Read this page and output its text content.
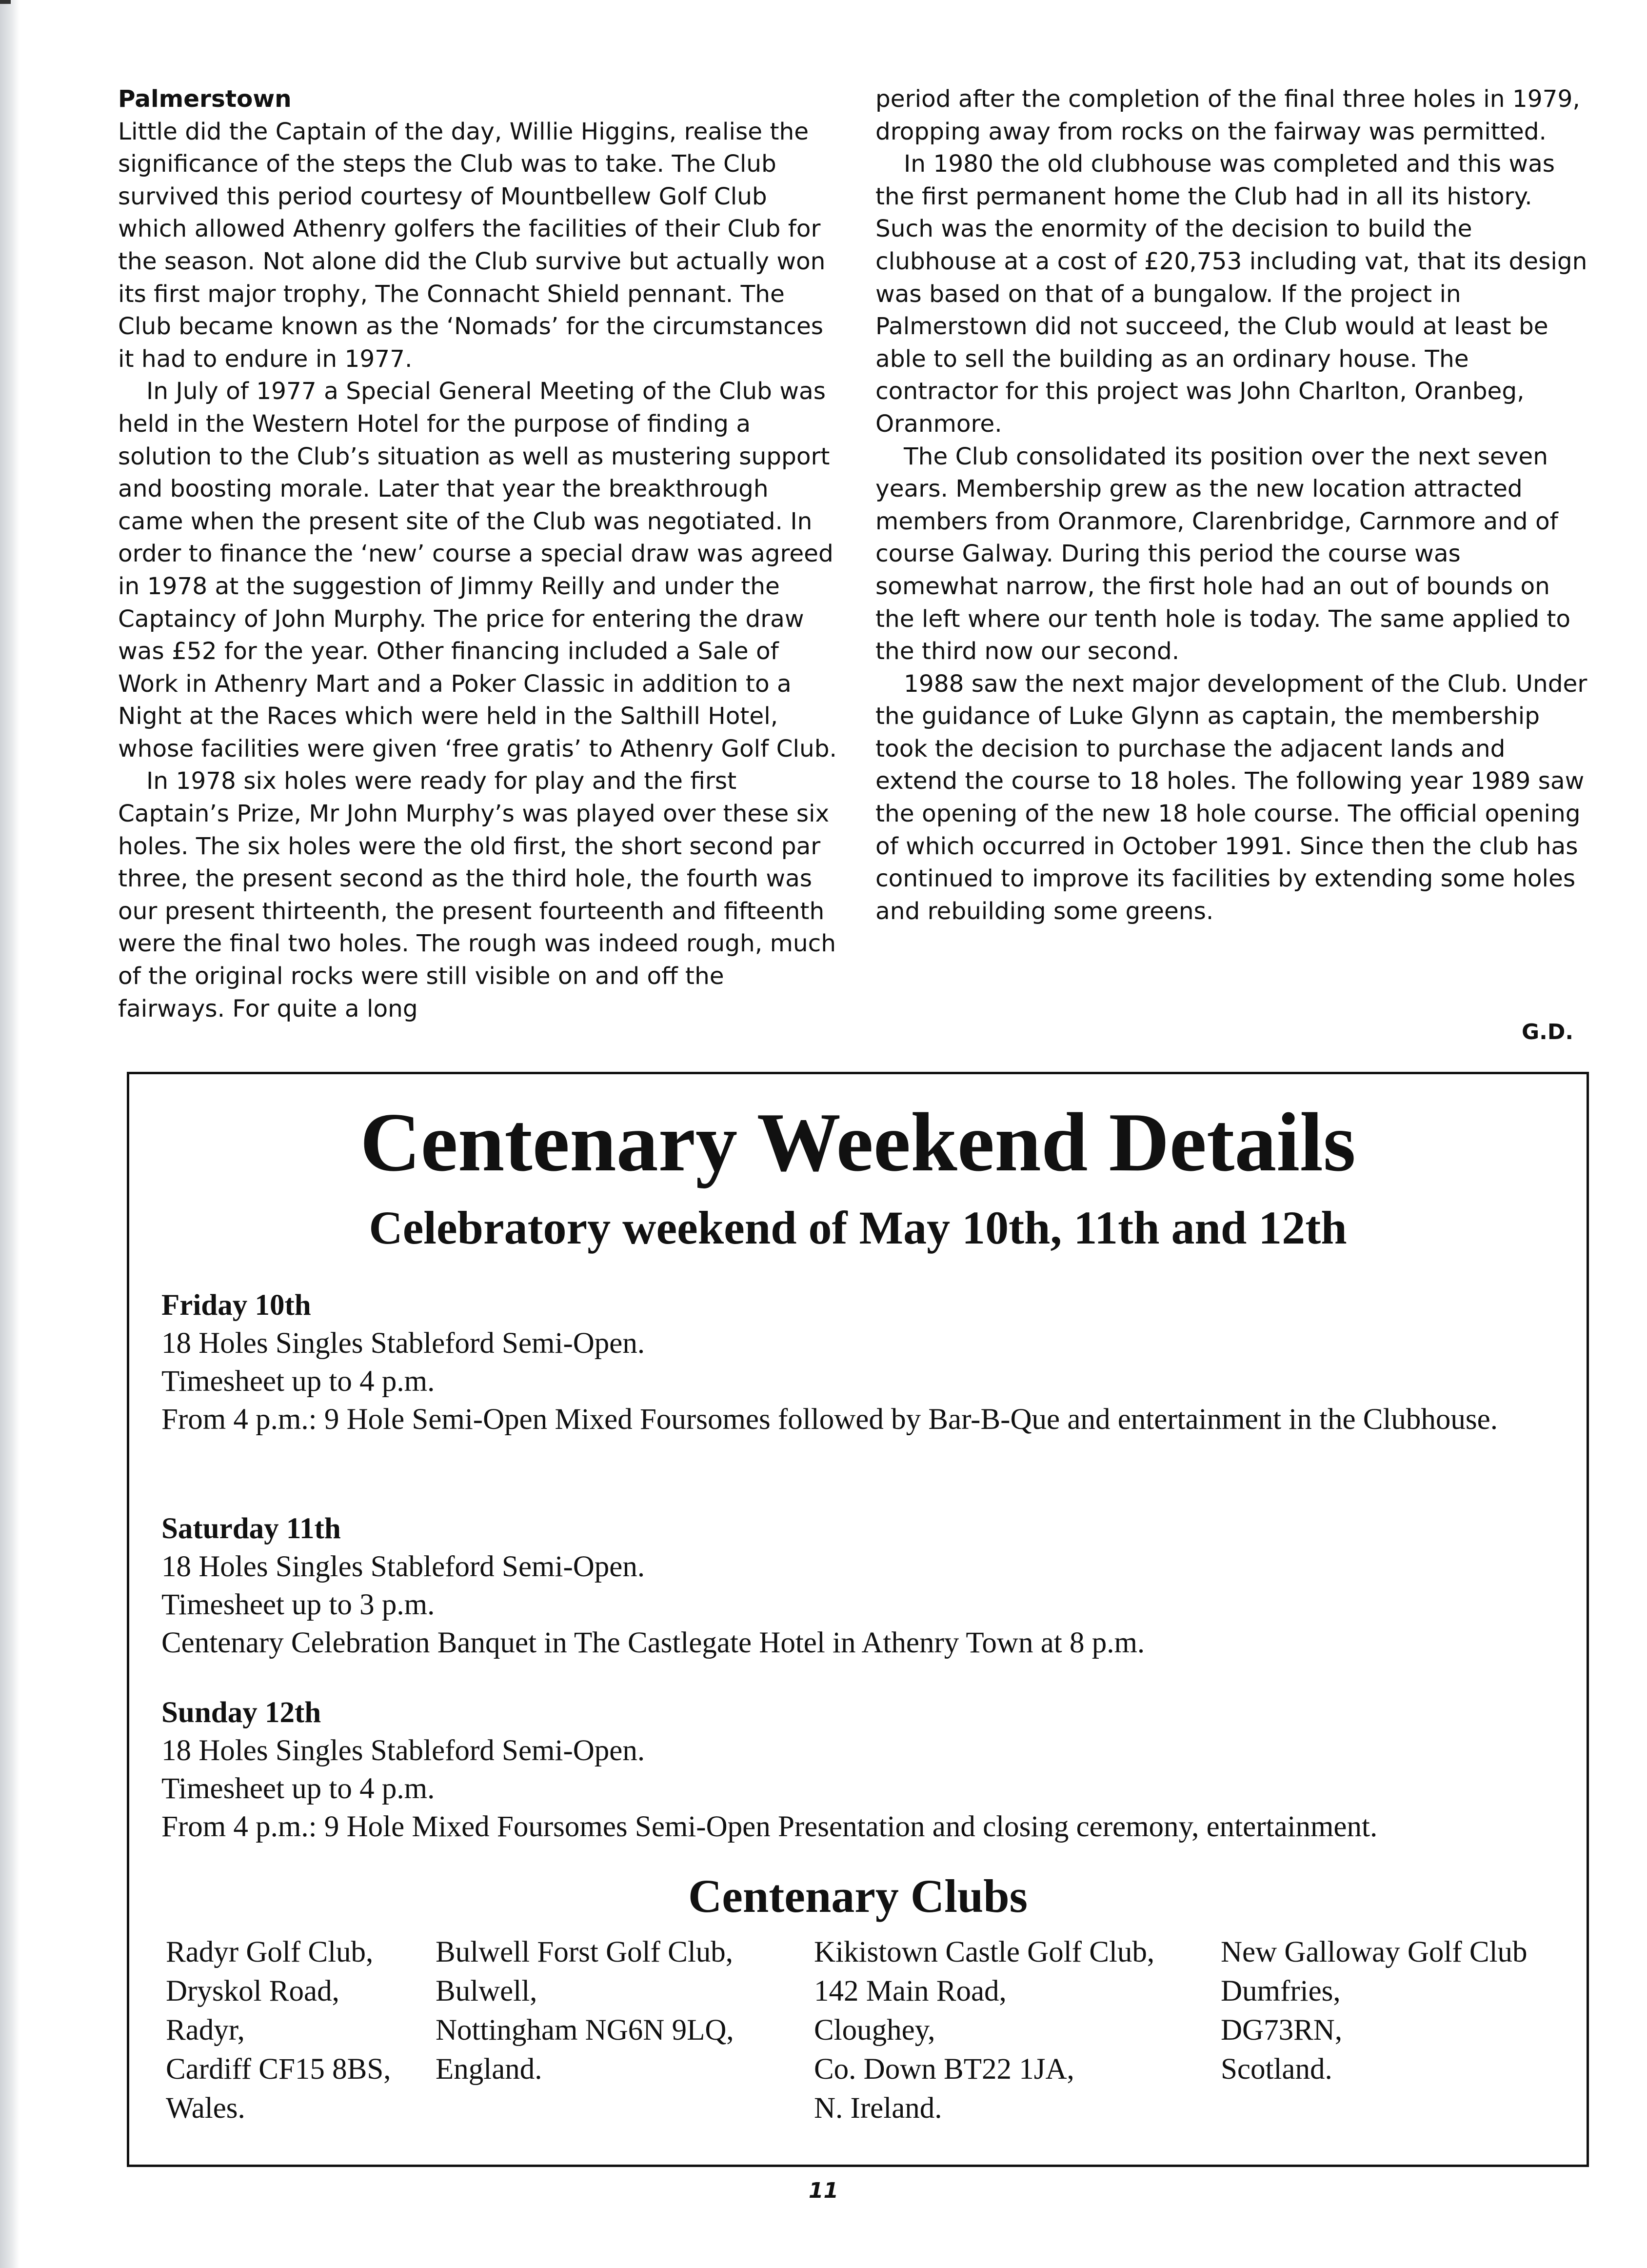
Palmerstown

Little did the Captain of the day, Willie Higgins, realise the significance of the steps the Club was to take. The Club survived this period courtesy of Mountbellew Golf Club which allowed Athenry golfers the facilities of their Club for the season. Not alone did the Club survive but actually won its first major trophy, The Connacht Shield pennant. The Club became known as the ‘Nomads’ for the circumstances it had to endure in 1977.

In July of 1977 a Special General Meeting of the Club was held in the Western Hotel for the purpose of finding a solution to the Club’s situation as well as mustering support and boosting morale. Later that year the breakthrough came when the present site of the Club was negotiated. In order to finance the ‘new’ course a special draw was agreed in 1978 at the suggestion of Jimmy Reilly and under the Captaincy of John Murphy. The price for entering the draw was £52 for the year. Other financing included a Sale of Work in Athenry Mart and a Poker Classic in addition to a Night at the Races which were held in the Salthill Hotel, whose facilities were given ‘free gratis’ to Athenry Golf Club.

In 1978 six holes were ready for play and the first Captain’s Prize, Mr John Murphy’s was played over these six holes. The six holes were the old first, the short second par three, the present second as the third hole, the fourth was our present thirteenth, the present fourteenth and fifteenth were the final two holes. The rough was indeed rough, much of the original rocks were still visible on and off the fairways. For quite a long

period after the completion of the final three holes in 1979, dropping away from rocks on the fairway was permitted.

In 1980 the old clubhouse was completed and this was the first permanent home the Club had in all its history. Such was the enormity of the decision to build the clubhouse at a cost of £20,753 including vat, that its design was based on that of a bungalow. If the project in Palmerstown did not succeed, the Club would at least be able to sell the building as an ordinary house. The contractor for this project was John Charlton, Oranbeg, Oranmore.

The Club consolidated its position over the next seven years. Membership grew as the new location attracted members from Oranmore, Clarenbridge, Carnmore and of course Galway. During this period the course was somewhat narrow, the first hole had an out of bounds on the left where our tenth hole is today. The same applied to the third now our second.

1988 saw the next major development of the Club. Under the guidance of Luke Glynn as captain, the membership took the decision to purchase the adjacent lands and extend the course to 18 holes. The following year 1989 saw the opening of the new 18 hole course. The official opening of which occurred in October 1991. Since then the club has continued to improve its facilities by extending some holes and rebuilding some greens.

G.D.
Centenary Weekend Details
Celebratory weekend of May 10th, 11th and 12th
Friday 10th
18 Holes Singles Stableford Semi-Open.
Timesheet up to 4 p.m.
From 4 p.m.: 9 Hole Semi-Open Mixed Foursomes followed by Bar-B-Que and entertainment in the Clubhouse.
Saturday 11th
18 Holes Singles Stableford Semi-Open.
Timesheet up to 3 p.m.
Centenary Celebration Banquet in The Castlegate Hotel in Athenry Town at 8 p.m.
Sunday 12th
18 Holes Singles Stableford Semi-Open.
Timesheet up to 4 p.m.
From 4 p.m.: 9 Hole Mixed Foursomes Semi-Open Presentation and closing ceremony, entertainment.
Centenary Clubs
Radyr Golf Club,
Dryskol Road,
Radyr,
Cardiff CF15 8BS,
Wales.
Bulwell Forst Golf Club,
Bulwell,
Nottingham NG6N 9LQ,
England.
Kikistown Castle Golf Club,
142 Main Road,
Cloughey,
Co. Down BT22 1JA,
N. Ireland.
New Galloway Golf Club
Dumfries,
DG73RN,
Scotland.
11
